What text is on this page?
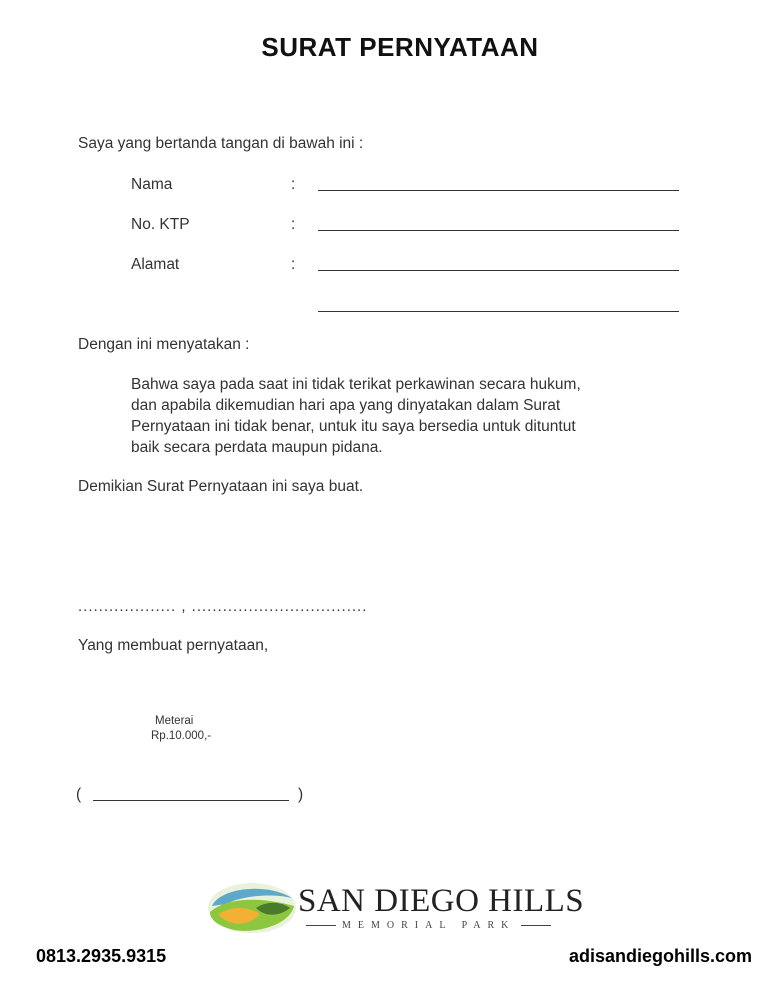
SURAT PERNYATAAN
Saya yang bertanda tangan di bawah ini :
Nama	:
No. KTP	:
Alamat	:
Dengan ini menyatakan :
Bahwa saya pada saat ini tidak terikat perkawinan secara hukum,
dan apabila dikemudian hari apa yang dinyatakan dalam Surat
Pernyataan ini tidak benar, untuk itu saya bersedia untuk dituntut
baik secara perdata maupun pidana.
Demikian Surat Pernyataan ini saya buat.
................... , ..................................
Yang membuat pernyataan,
Meterai
Rp.10.000,-
(	)
SAN DIEGO HILLS
MEMORIAL PARK
0813.2935.9315	adisandiegohills.com
